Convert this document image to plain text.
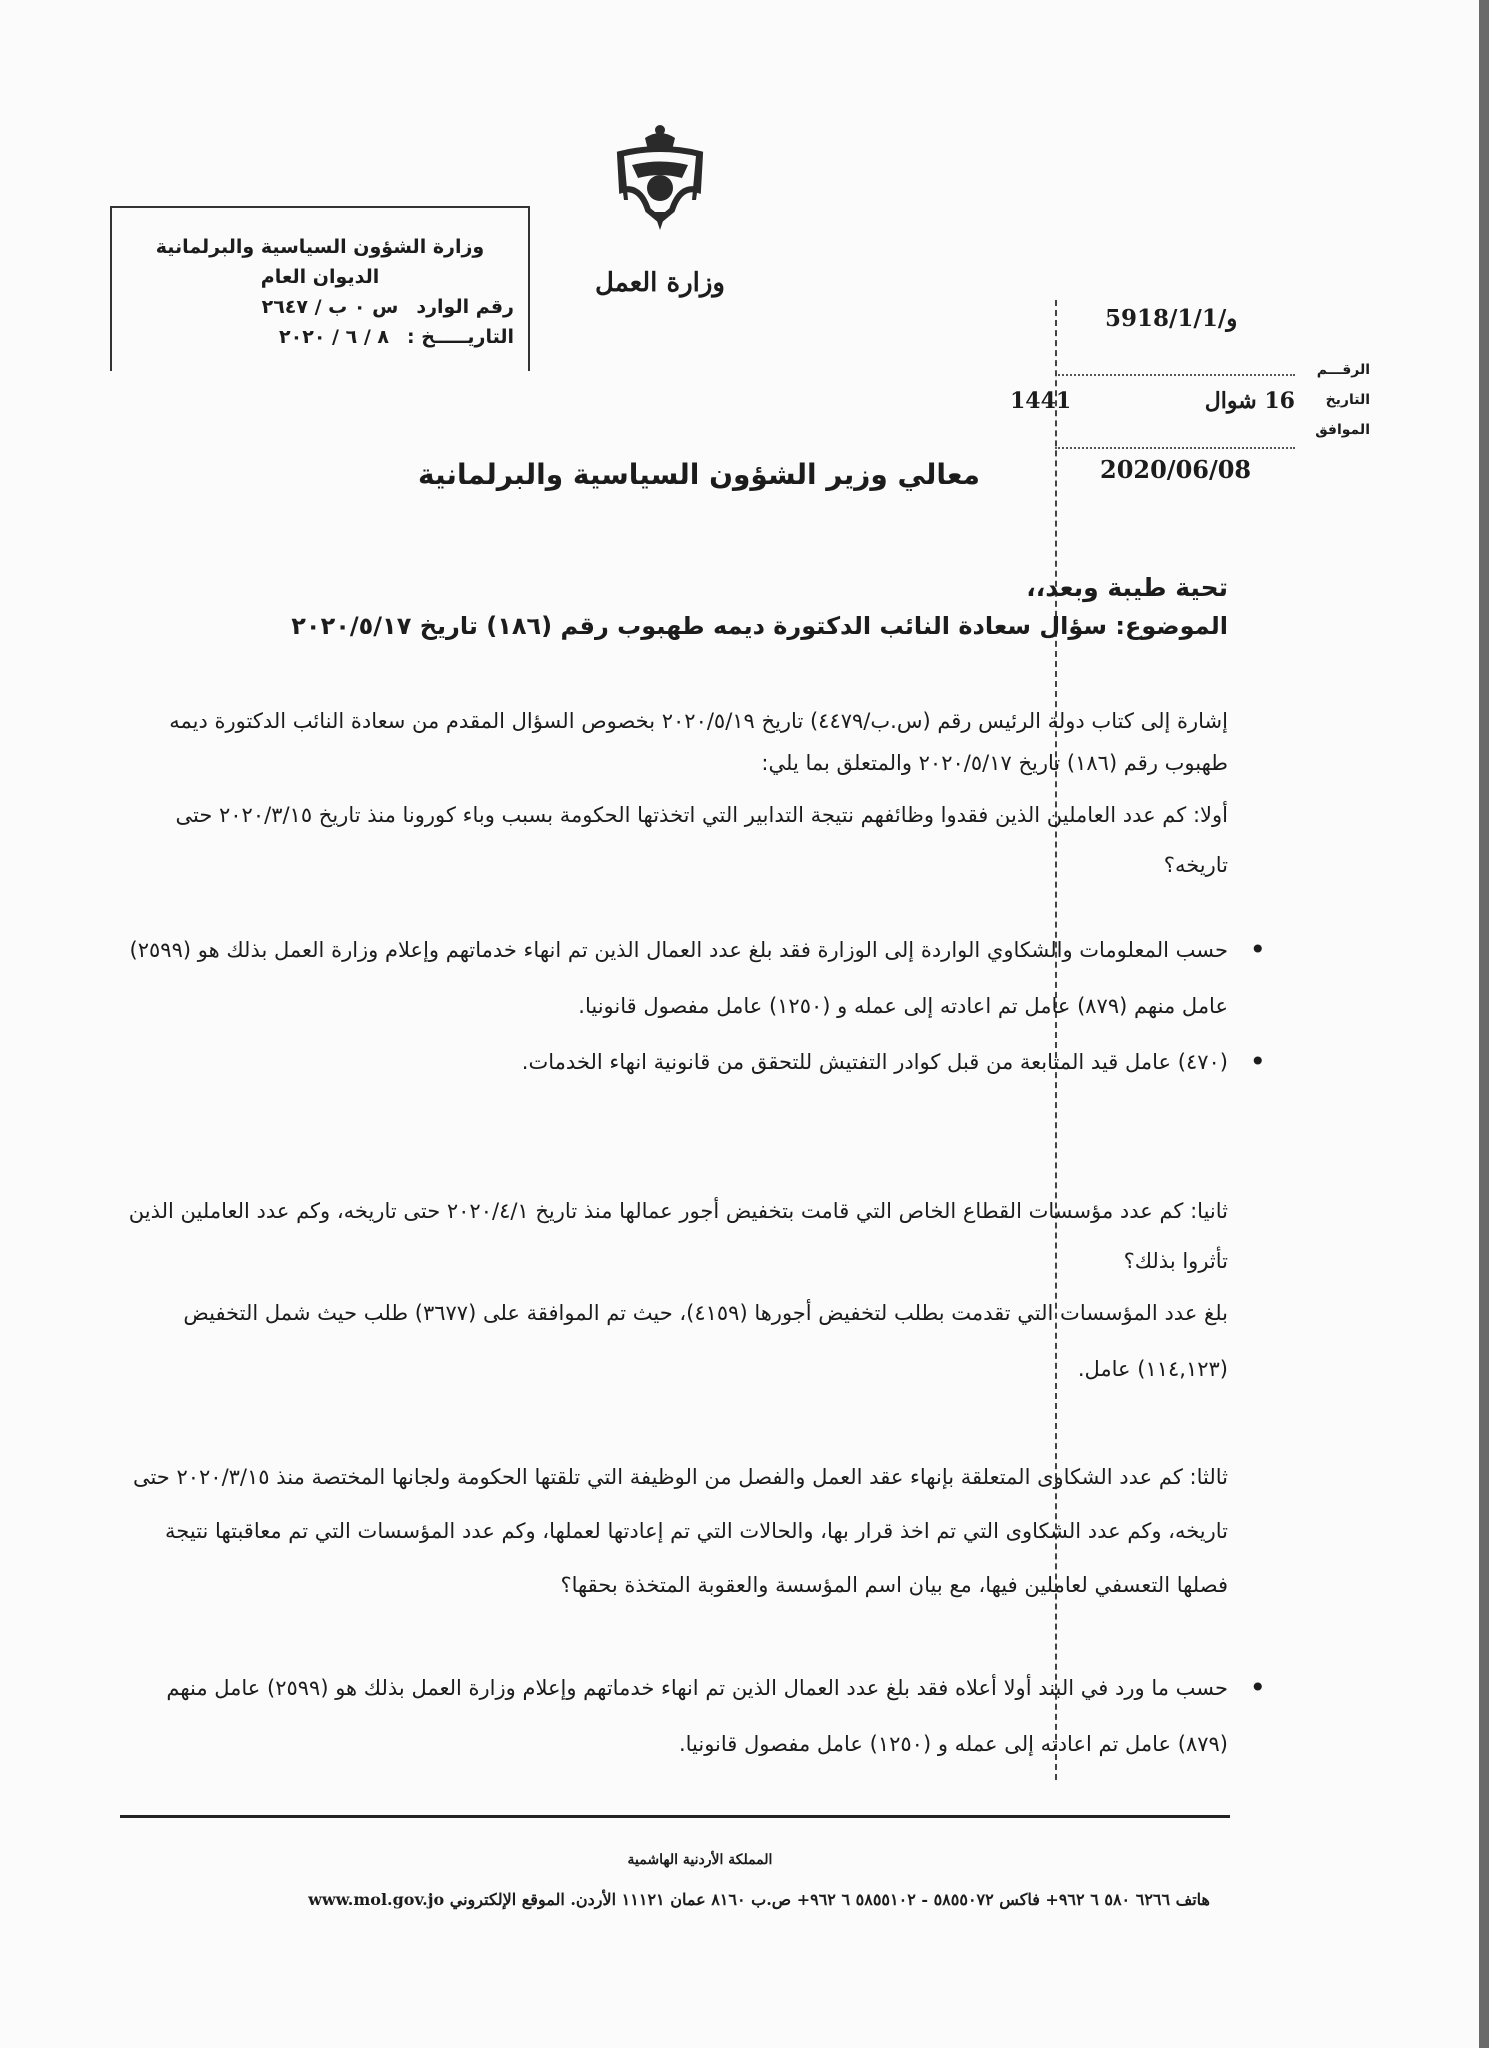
وزارة الشؤون السياسية والبرلمانية
الديوان العام
رقم الوارد
س ٠ ب / ٢٦٤٧
التاريـــــخ :
٨ / ٦ / ٢٠٢٠
وزارة العمل
و/5918/1/1
الرقـــم
التاريخ
الموافق
16 شوال
1441
2020/06/08
معالي وزير الشؤون السياسية والبرلمانية
تحية طيبة وبعد،،
الموضوع: سؤال سعادة النائب الدكتورة ديمه طهبوب رقم (١٨٦) تاريخ ٢٠٢٠/٥/١٧
إشارة إلى كتاب دولة الرئيس رقم (س.ب/٤٤٧٩) تاريخ ٢٠٢٠/٥/١٩ بخصوص السؤال المقدم من سعادة النائب الدكتورة ديمه طهبوب رقم (١٨٦) تاريخ ٢٠٢٠/٥/١٧ والمتعلق بما يلي:
أولا: كم عدد العاملين الذين فقدوا وظائفهم نتيجة التدابير التي اتخذتها الحكومة بسبب وباء كورونا منذ تاريخ ٢٠٢٠/٣/١٥ حتى تاريخه؟
• حسب المعلومات والشكاوي الواردة إلى الوزارة فقد بلغ عدد العمال الذين تم انهاء خدماتهم وإعلام وزارة العمل بذلك هو (٢٥٩٩) عامل منهم (٨٧٩) عامل تم اعادته إلى عمله و (١٢٥٠) عامل مفصول قانونيا.
• (٤٧٠) عامل قيد المتابعة من قبل كوادر التفتيش للتحقق من قانونية انهاء الخدمات.
ثانيا: كم عدد مؤسسات القطاع الخاص التي قامت بتخفيض أجور عمالها منذ تاريخ ٢٠٢٠/٤/١ حتى تاريخه، وكم عدد العاملين الذين تأثروا بذلك؟
بلغ عدد المؤسسات التي تقدمت بطلب لتخفيض أجورها (٤١٥٩)، حيث تم الموافقة على (٣٦٧٧) طلب حيث شمل التخفيض (١١٤,١٢٣) عامل.
ثالثا: كم عدد الشكاوى المتعلقة بإنهاء عقد العمل والفصل من الوظيفة التي تلقتها الحكومة ولجانها المختصة منذ ٢٠٢٠/٣/١٥ حتى تاريخه، وكم عدد الشكاوى التي تم اخذ قرار بها، والحالات التي تم إعادتها لعملها، وكم عدد المؤسسات التي تم معاقبتها نتيجة فصلها التعسفي لعاملين فيها، مع بيان اسم المؤسسة والعقوبة المتخذة بحقها؟
• حسب ما ورد في البند أولا أعلاه فقد بلغ عدد العمال الذين تم انهاء خدماتهم وإعلام وزارة العمل بذلك هو (٢٥٩٩) عامل منهم (٨٧٩) عامل تم اعادته إلى عمله و (١٢٥٠) عامل مفصول قانونيا.
المملكة الأردنية الهاشمية
هاتف ٦٢٦٦ ٥٨٠ ٦ ٩٦٢+ فاكس ٥٨٥٥٠٧٢ - ٥٨٥٥١٠٢ ٦ ٩٦٢+ ص.ب ٨١٦٠ عمان ١١١٢١ الأردن. الموقع الإلكتروني www.mol.gov.jo
